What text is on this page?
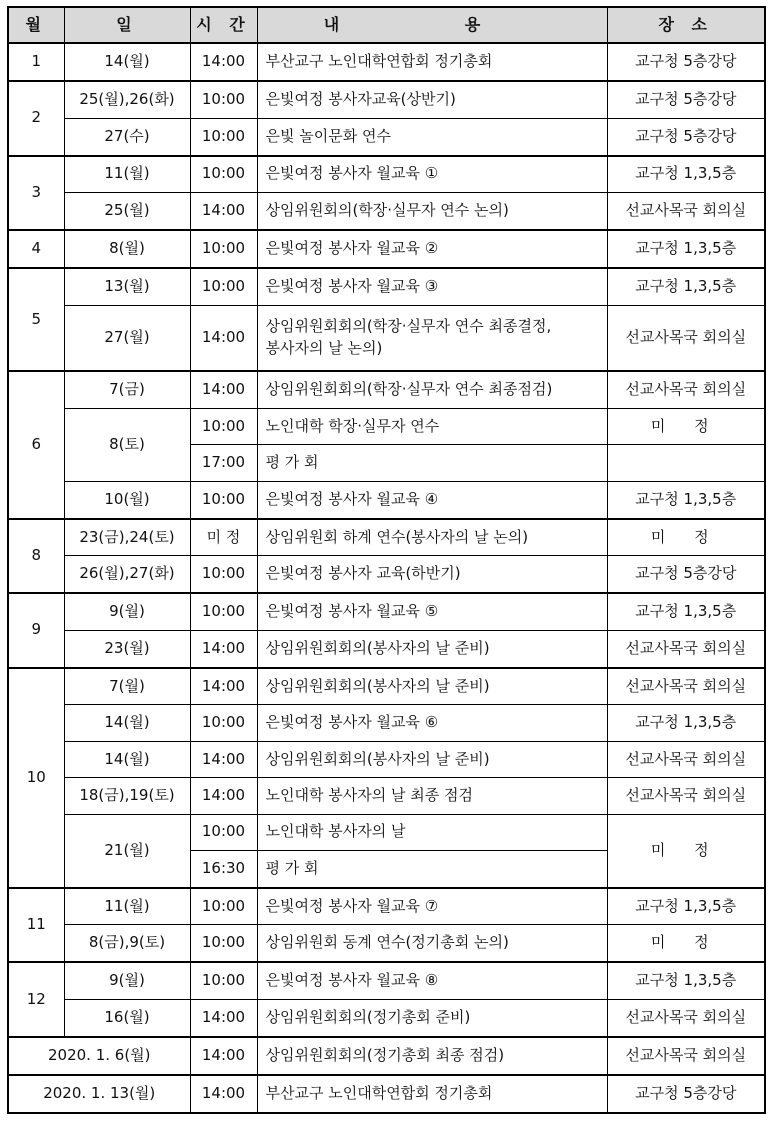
월	일	시 간	내 용	장 소
1	14(월)	14:00	부산교구 노인대학연합회 정기총회	교구청 5층강당
2	25(월),26(화)	10:00	은빛여정 봉사자교육(상반기)	교구청 5층강당
	27(수)	10:00	은빛 놀이문화 연수	교구청 5층강당
3	11(월)	10:00	은빛여정 봉사자 월교육 ①	교구청 1,3,5층
	25(월)	14:00	상임위원회의(학장·실무자 연수 논의)	선교사목국 회의실
4	8(월)	10:00	은빛여정 봉사자 월교육 ②	교구청 1,3,5층
5	13(월)	10:00	은빛여정 봉사자 월교육 ③	교구청 1,3,5층
	27(월)	14:00	상임위원회회의(학장·실무자 연수 최종결정,
봉사자의 날 논의)	선교사목국 회의실
6	7(금)	14:00	상임위원회회의(학장·실무자 연수 최종점검)	선교사목국 회의실
	8(토)	10:00	노인대학 학장·실무자 연수	미 정
		17:00	평 가 회	
	10(월)	10:00	은빛여정 봉사자 월교육 ④	교구청 1,3,5층
8	23(금),24(토)	미 정	상임위원회 하계 연수(봉사자의 날 논의)	미 정
	26(월),27(화)	10:00	은빛여정 봉사자 교육(하반기)	교구청 5층강당
9	9(월)	10:00	은빛여정 봉사자 월교육 ⑤	교구청 1,3,5층
	23(월)	14:00	상임위원회회의(봉사자의 날 준비)	선교사목국 회의실
10	7(월)	14:00	상임위원회회의(봉사자의 날 준비)	선교사목국 회의실
	14(월)	10:00	은빛여정 봉사자 월교육 ⑥	교구청 1,3,5층
	14(월)	14:00	상임위원회회의(봉사자의 날 준비)	선교사목국 회의실
	18(금),19(토)	14:00	노인대학 봉사자의 날 최종 점검	선교사목국 회의실
	21(월)	10:00	노인대학 봉사자의 날	미 정
		16:30	평 가 회	
11	11(월)	10:00	은빛여정 봉사자 월교육 ⑦	교구청 1,3,5층
	8(금),9(토)	10:00	상임위원회 동계 연수(정기총회 논의)	미 정
12	9(월)	10:00	은빛여정 봉사자 월교육 ⑧	교구청 1,3,5층
	16(월)	14:00	상임위원회회의(정기총회 준비)	선교사목국 회의실
2020. 1. 6(월)		14:00	상임위원회회의(정기총회 최종 점검)	선교사목국 회의실
2020. 1. 13(월)		14:00	부산교구 노인대학연합회 정기총회	교구청 5층강당
